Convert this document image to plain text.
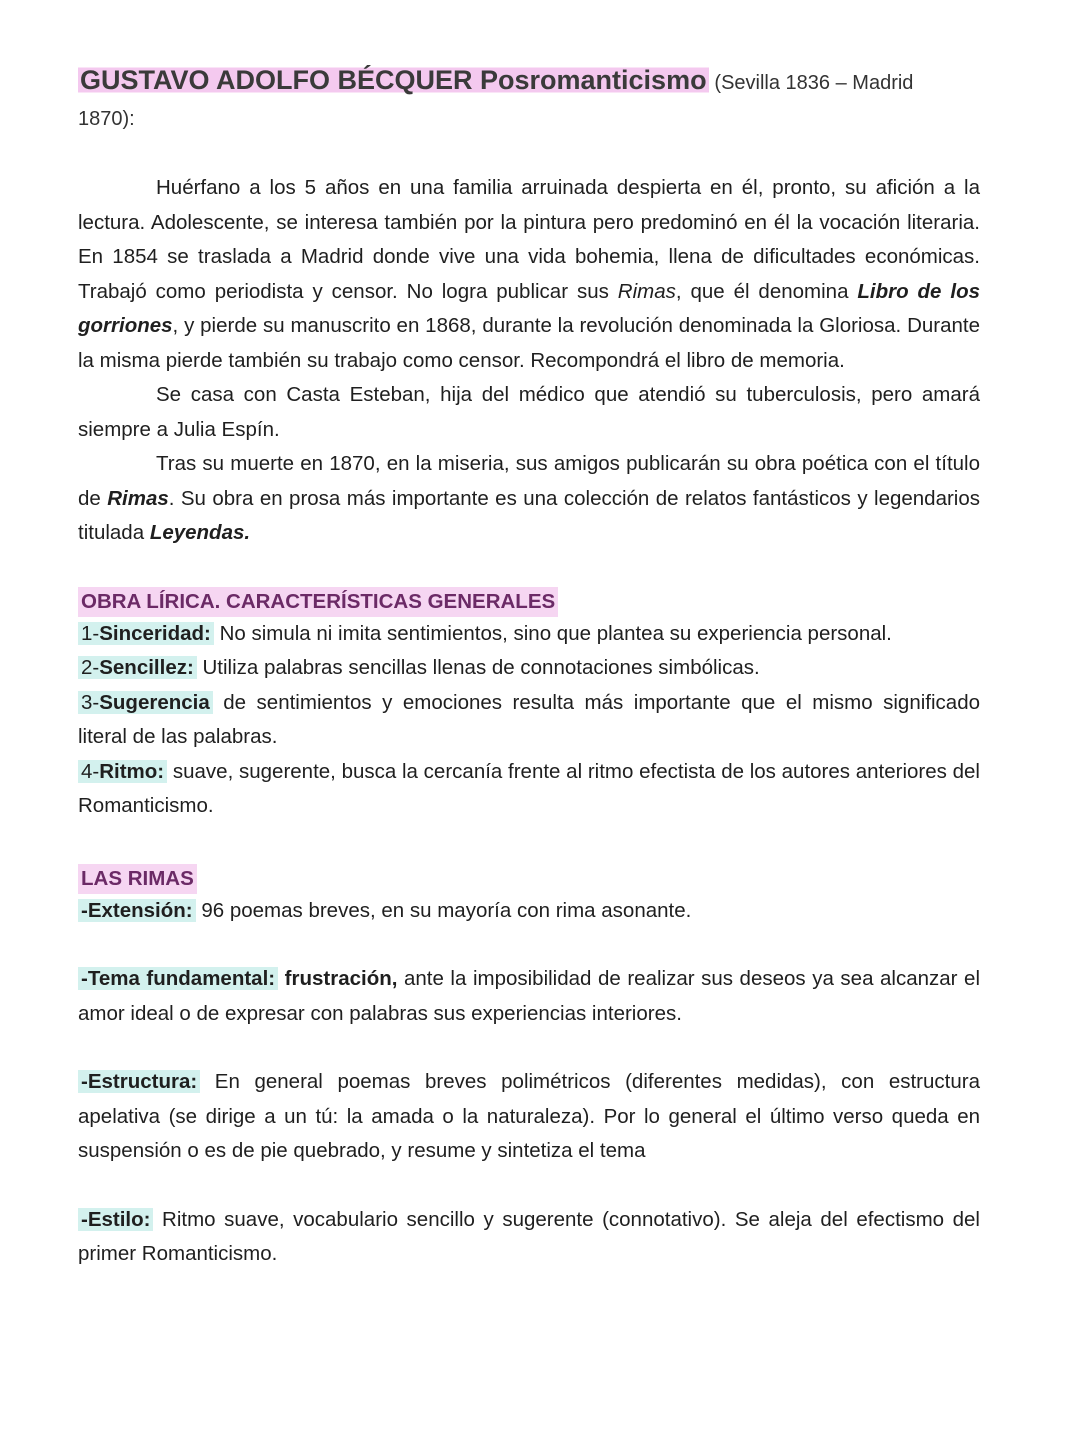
GUSTAVO ADOLFO BÉCQUER Posromanticismo (Sevilla 1836 – Madrid
1870):

Huérfano a los 5 años en una familia arruinada despierta en él, pronto, su afición a la lectura. Adolescente, se interesa también por la pintura pero predominó en él la vocación literaria. En 1854 se traslada a Madrid donde vive una vida bohemia, llena de dificultades económicas. Trabajó como periodista y censor. No logra publicar sus Rimas, que él denomina Libro de los gorriones, y pierde su manuscrito en 1868, durante la revolución denominada la Gloriosa. Durante la misma pierde también su trabajo como censor. Recompondrá el libro de memoria.

Se casa con Casta Esteban, hija del médico que atendió su tuberculosis, pero amará siempre a Julia Espín.

Tras su muerte en 1870, en la miseria, sus amigos publicarán su obra poética con el título de Rimas. Su obra en prosa más importante es una colección de relatos fantásticos y legendarios titulada Leyendas.

OBRA LÍRICA. CARACTERÍSTICAS GENERALES

1-Sinceridad: No simula ni imita sentimientos, sino que plantea su experiencia personal.

2-Sencillez: Utiliza palabras sencillas llenas de connotaciones simbólicas.

3-Sugerencia de sentimientos y emociones resulta más importante que el mismo significado literal de las palabras.

4-Ritmo: suave, sugerente, busca la cercanía frente al ritmo efectista de los autores anteriores del Romanticismo.

LAS RIMAS

-Extensión: 96 poemas breves, en su mayoría con rima asonante.

-Tema fundamental: frustración, ante la imposibilidad de realizar sus deseos ya sea alcanzar el amor ideal o de expresar con palabras sus experiencias interiores.

-Estructura: En general poemas breves polimétricos (diferentes medidas), con estructura apelativa (se dirige a un tú: la amada o la naturaleza). Por lo general el último verso queda en suspensión o es de pie quebrado, y resume y sintetiza el tema

-Estilo: Ritmo suave, vocabulario sencillo y sugerente (connotativo). Se aleja del efectismo del primer Romanticismo.
